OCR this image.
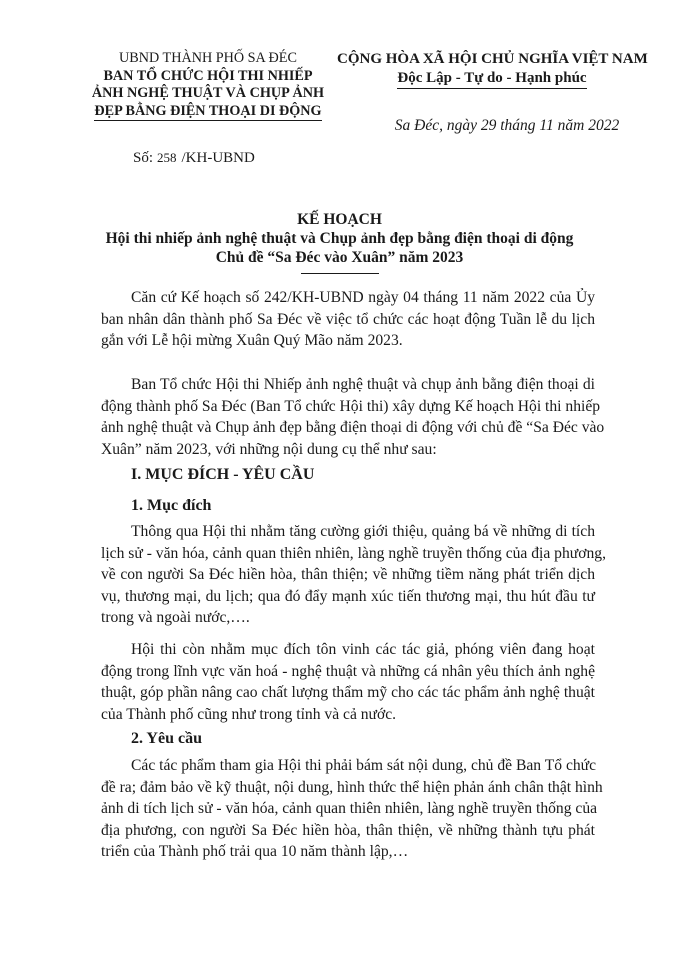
UBND THÀNH PHỐ SA ĐÉC
BAN TỔ CHỨC HỘI THI NHIẾP
ẢNH NGHỆ THUẬT VÀ CHỤP ẢNH
ĐẸP BẰNG ĐIỆN THOẠI DI ĐỘNG
CỘNG HÒA XÃ HỘI CHỦ NGHĨA VIỆT NAM
Độc Lập - Tự do - Hạnh phúc
Sa Đéc, ngày 29 tháng 11 năm 2022
Số: 258 /KH-UBND
KẾ HOẠCH
Hội thi nhiếp ảnh nghệ thuật và Chụp ảnh đẹp bằng điện thoại di động
Chủ đề “Sa Đéc vào Xuân” năm 2023
Căn cứ Kế hoạch số 242/KH-UBND ngày 04 tháng 11 năm 2022 của Ủy
ban nhân dân thành phố Sa Đéc về việc tổ chức các hoạt động Tuần lễ du lịch
gắn với Lễ hội mừng Xuân Quý Mão năm 2023.
Ban Tổ chức Hội thi Nhiếp ảnh nghệ thuật và chụp ảnh bằng điện thoại di
động thành phố Sa Đéc (Ban Tổ chức Hội thi) xây dựng Kế hoạch Hội thi nhiếp
ảnh nghệ thuật và Chụp ảnh đẹp bằng điện thoại di động với chủ đề “Sa Đéc vào
Xuân” năm 2023, với những nội dung cụ thể như sau:
I. MỤC ĐÍCH - YÊU CẦU
1. Mục đích
Thông qua Hội thi nhằm tăng cường giới thiệu, quảng bá về những di tích
lịch sử - văn hóa, cảnh quan thiên nhiên, làng nghề truyền thống của địa phương,
về con người Sa Đéc hiền hòa, thân thiện; về những tiềm năng phát triển dịch
vụ, thương mại, du lịch; qua đó đẩy mạnh xúc tiến thương mại, thu hút đầu tư
trong và ngoài nước,….
Hội thi còn nhằm mục đích tôn vinh các tác giả, phóng viên đang hoạt
động trong lĩnh vực văn hoá - nghệ thuật và những cá nhân yêu thích ảnh nghệ
thuật, góp phần nâng cao chất lượng thẩm mỹ cho các tác phẩm ảnh nghệ thuật
của Thành phố cũng như trong tỉnh và cả nước.
2. Yêu cầu
Các tác phẩm tham gia Hội thi phải bám sát nội dung, chủ đề Ban Tổ chức
đề ra; đảm bảo về kỹ thuật, nội dung, hình thức thể hiện phản ánh chân thật hình
ảnh di tích lịch sử - văn hóa, cảnh quan thiên nhiên, làng nghề truyền thống của
địa phương, con người Sa Đéc hiền hòa, thân thiện, về những thành tựu phát
triển của Thành phố trải qua 10 năm thành lập,…
